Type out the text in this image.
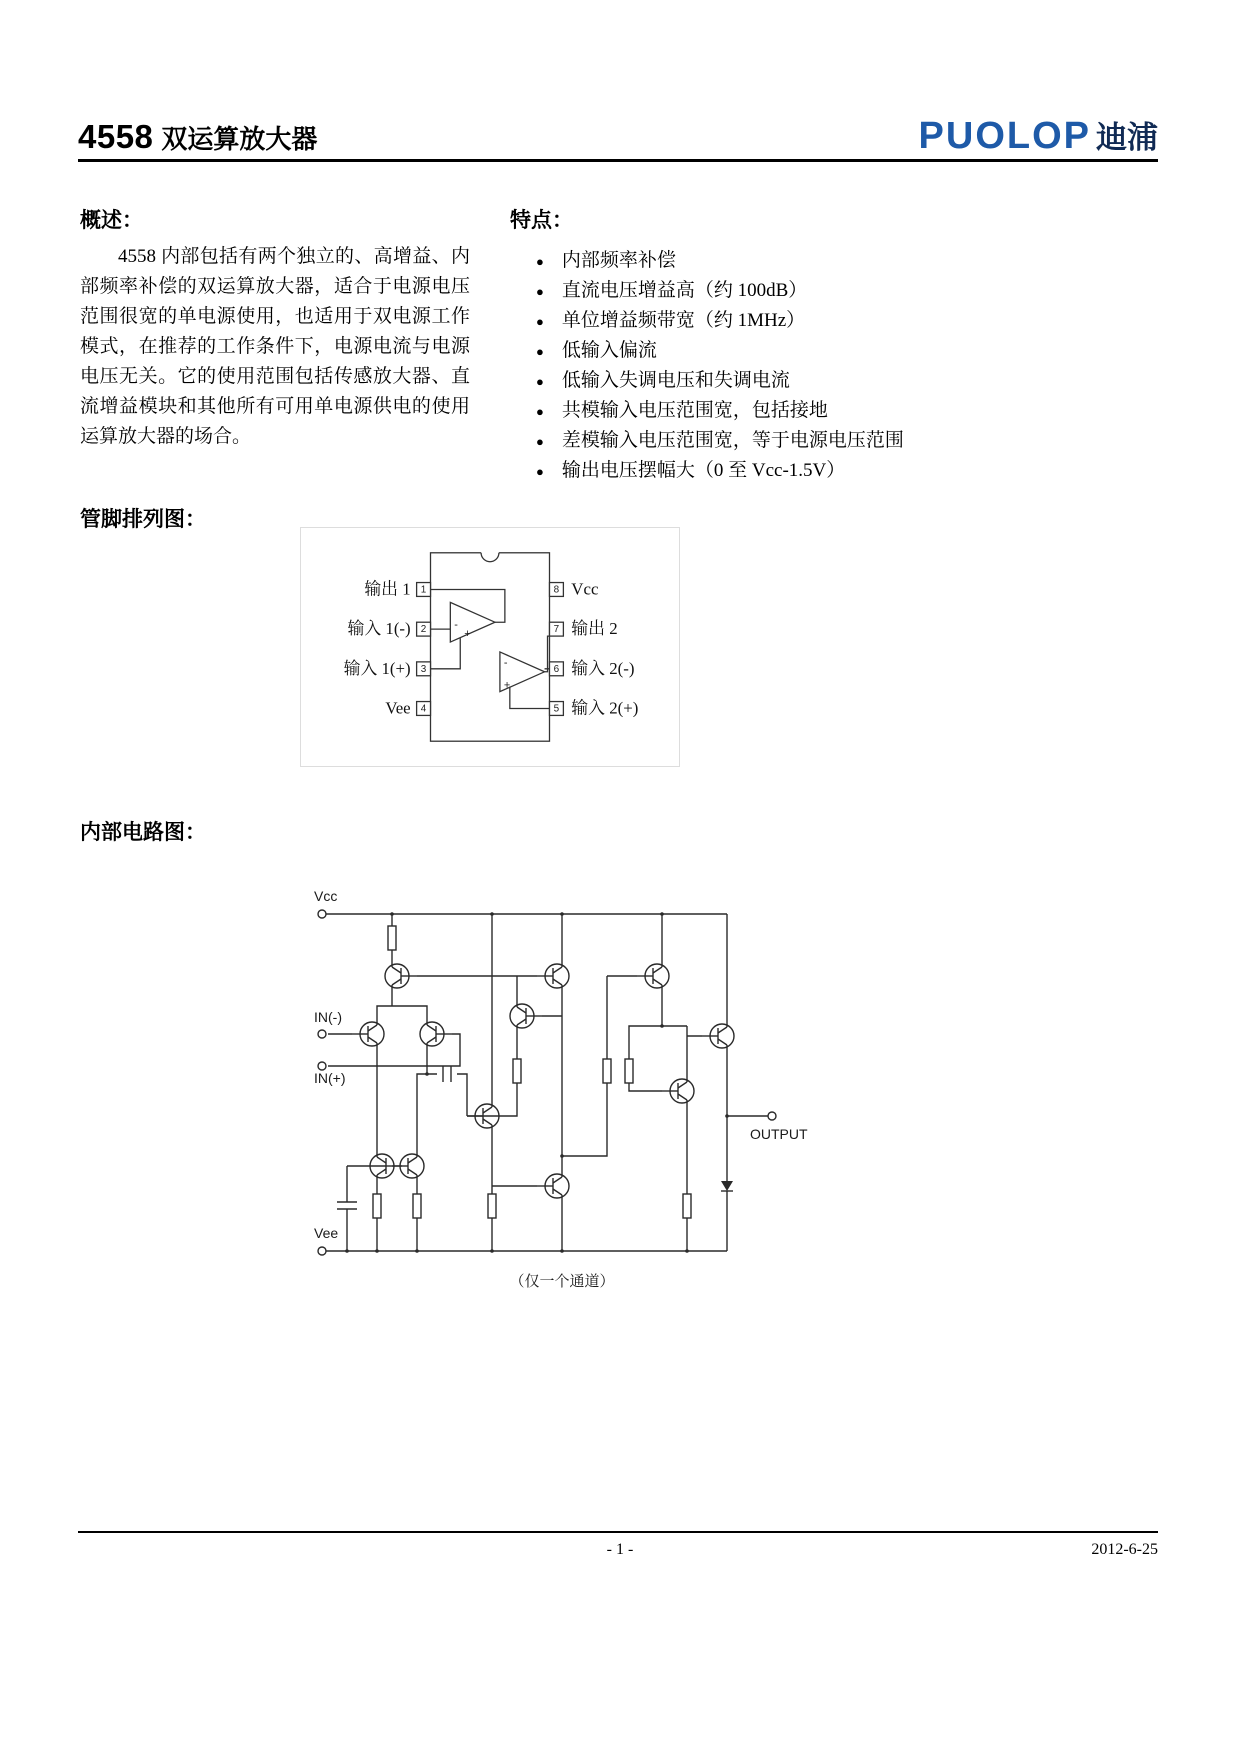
4558 双运算放大器	PUOLOP 迪浦
概述：

4558 内部包括有两个独立的、高增益、内部频率补偿的双运算放大器，适合于电源电压范围很宽的单电源使用，也适用于双电源工作模式，在推荐的工作条件下，电源电流与电源电压无关。它的使用范围包括传感放大器、直流增益模块和其他所有可用单电源供电的使用运算放大器的场合。

特点：
● 内部频率补偿
● 直流电压增益高（约 100dB）
● 单位增益频带宽（约 1MHz）
● 低输入偏流
● 低输入失调电压和失调电流
● 共模输入电压范围宽，包括接地
● 差模输入电压范围宽，等于电源电压范围
● 输出电压摆幅大（0 至 Vcc-1.5V）
管脚排列图：
1
2
3
4
输出 1
输入 1(-)
输入 1(+)
Vee
8
7
6
5
Vcc
输出 2
输入 2(-)
输入 2(+)
-
+
-
+
内部电路图：
Vcc
IN(-)
IN(+)
Vee
OUTPUT
（仅一个通道）
- 1 -	2012-6-25
